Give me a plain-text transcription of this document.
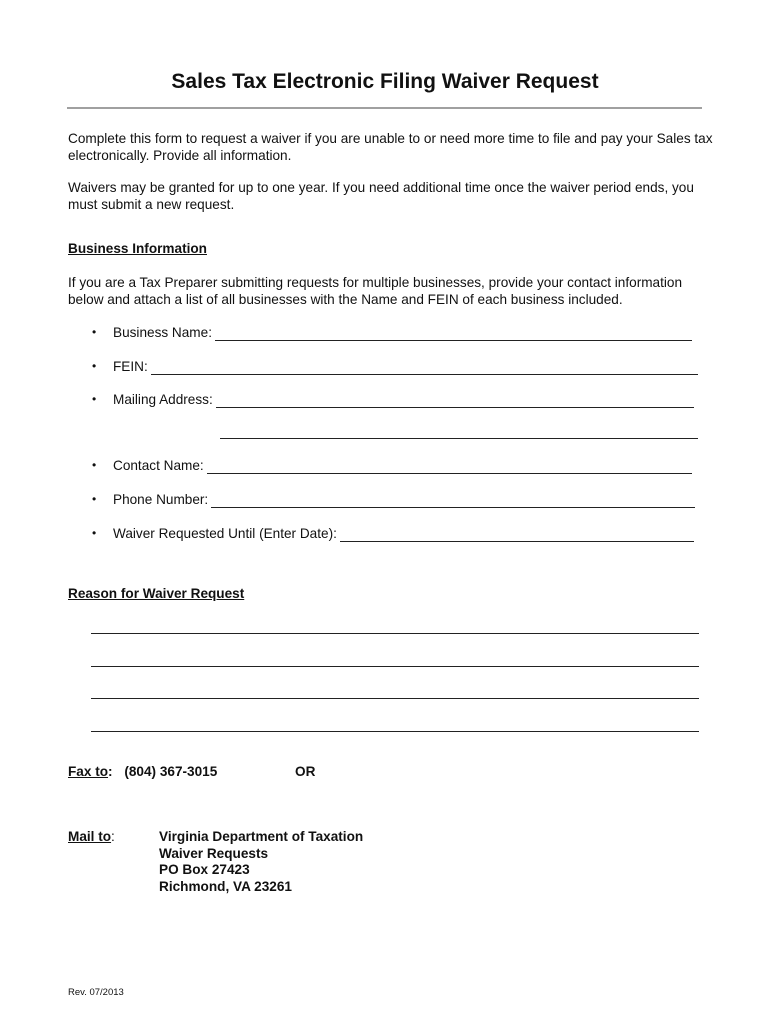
Sales Tax Electronic Filing Waiver Request
Complete this form to request a waiver if you are unable to or need more time to file and pay your Sales tax electronically. Provide all information.
Waivers may be granted for up to one year. If you need additional time once the waiver period ends, you must submit a new request.
Business Information
If you are a Tax Preparer submitting requests for multiple businesses, provide your contact information below and attach a list of all businesses with the Name and FEIN of each business included.
•	Business Name:
•	FEIN:
•	Mailing Address:
•	Contact Name:
•	Phone Number:
•	Waiver Requested Until (Enter Date):
Reason for Waiver Request
Fax to: (804) 367-3015	OR
Mail to:	Virginia Department of Taxation
Waiver Requests
PO Box 27423
Richmond, VA 23261
Rev. 07/2013
